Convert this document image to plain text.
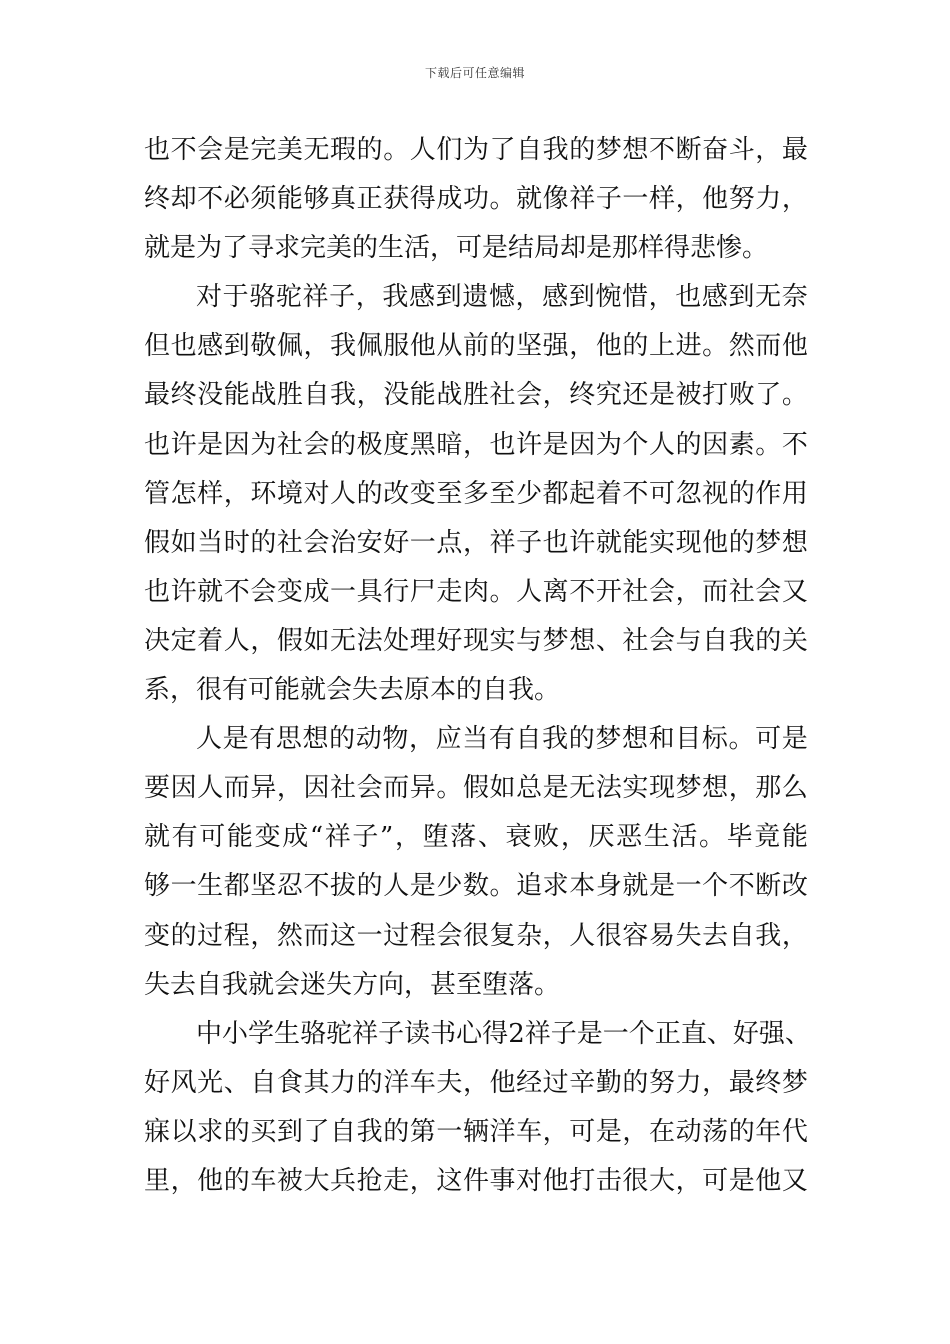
下载后可任意编辑
也 不 会 是 完 美 无 瑕 的 。 人 们 为 了 自 我 的 梦 想 不 断 奋 斗 ， 最
终 却 不 必 须 能 够 真 正 获 得 成 功 。 就 像 祥 子 一 样 ， 他 努 力 ，
就是为了寻求完美的生活，可是结局却是那样得悲惨。
对 于 骆 驼 祥 子 ， 我 感 到 遗 憾 ， 感 到 惋 惜 ， 也 感 到 无 奈
但 也 感 到 敬 佩 ， 我 佩 服 他 从 前 的 坚 强 ， 他 的 上 进 。 然 而 他
最 终 没 能 战 胜 自 我 ， 没 能 战 胜 社 会 ， 终 究 还 是 被 打 败 了 。
也 许 是 因 为 社 会 的 极 度 黑 暗 ， 也 许 是 因 为 个 人 的 因 素 。 不
管 怎 样 ， 环 境 对 人 的 改 变 至 多 至 少 都 起 着 不 可 忽 视 的 作 用
假 如 当 时 的 社 会 治 安 好 一 点 ， 祥 子 也 许 就 能 实 现 他 的 梦 想
也 许 就 不 会 变 成 一 具 行 尸 走 肉 。 人 离 不 开 社 会 ， 而 社 会 又
决 定 着 人 ， 假 如 无 法 处 理 好 现 实 与 梦 想 、 社 会 与 自 我 的 关
系，很有可能就会失去原本的自我。
人 是 有 思 想 的 动 物 ， 应 当 有 自 我 的 梦 想 和 目 标 。 可 是
要 因 人 而 异 ， 因 社 会 而 异 。 假 如 总 是 无 法 实 现 梦 想 ， 那 么
就 有 可 能 变 成 “ 祥 子 ” ， 堕 落 、 衰 败 ， 厌 恶 生 活 。 毕 竟 能
够 一 生 都 坚 忍 不 拔 的 人 是 少 数 。 追 求 本 身 就 是 一 个 不 断 改
变 的 过 程 ， 然 而 这 一 过 程 会 很 复 杂 ， 人 很 容 易 失 去 自 我 ，
失去自我就会迷失方向，甚至堕落。
中 小 学 生 骆 驼 祥 子 读 书 心 得 2 祥 子 是 一 个 正 直 、 好 强 、
好 风 光 、 自 食 其 力 的 洋 车 夫 ， 他 经 过 辛 勤 的 努 力 ， 最 终 梦
寐 以 求 的 买 到 了 自 我 的 第 一 辆 洋 车 ， 可 是 ， 在 动 荡 的 年 代
里 ， 他 的 车 被 大 兵 抢 走 ， 这 件 事 对 他 打 击 很 大 ， 可 是 他 又
